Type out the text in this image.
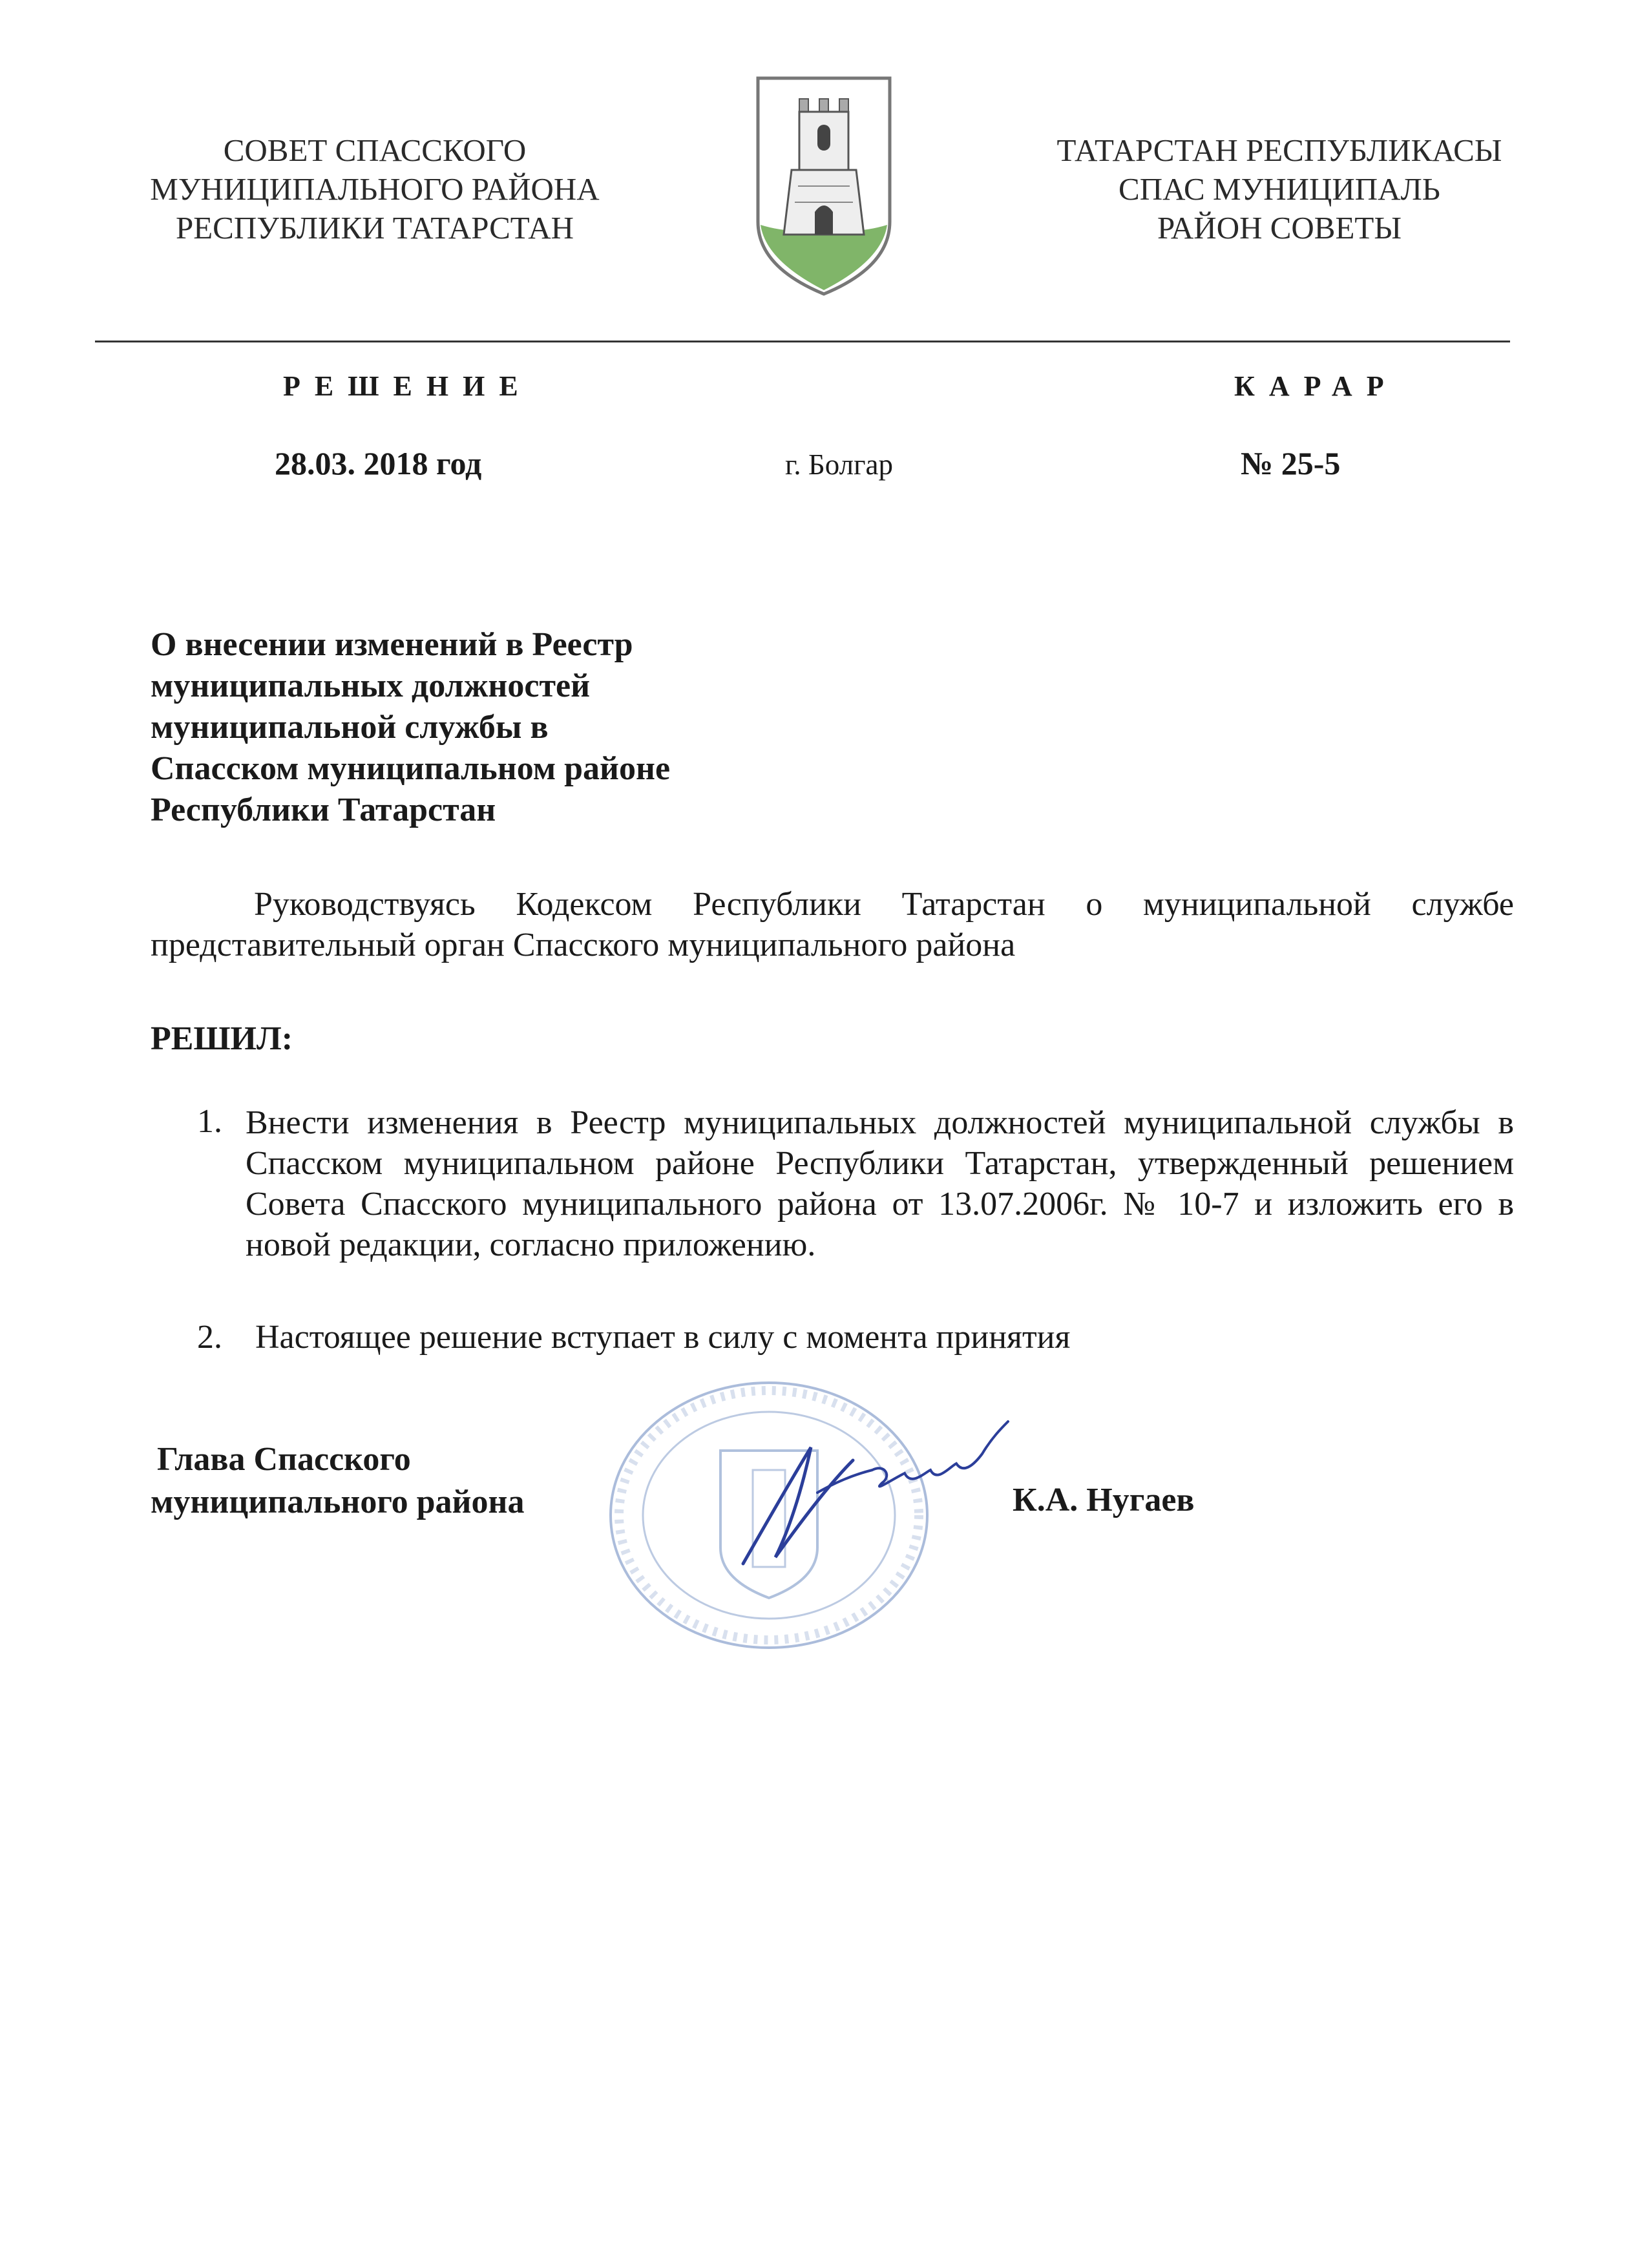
СОВЕТ СПАССКОГО
МУНИЦИПАЛЬНОГО РАЙОНА
РЕСПУБЛИКИ ТАТАРСТАН
ТАТАРСТАН РЕСПУБЛИКАСЫ
СПАС МУНИЦИПАЛЬ
РАЙОН СОВЕТЫ
РЕШЕНИЕ	КАРАР
28.03. 2018 год	г. Болгар	№ 25-5
О внесении изменений в Реестр
муниципальных должностей
муниципальной службы в
Спасском муниципальном районе
Республики Татарстан
Руководствуясь Кодексом Республики Татарстан о муниципальной службе представительный орган Спасского муниципального района
РЕШИЛ:
1. Внести изменения в Реестр муниципальных должностей муниципальной службы в Спасском муниципальном районе Республики Татарстан, утвержденный решением Совета Спасского муниципального района от 13.07.2006г. № 10-7 и изложить его в новой редакции, согласно приложению.
2. Настоящее решение вступает в силу с момента принятия
Глава Спасского
муниципального района	К.А. Нугаев
